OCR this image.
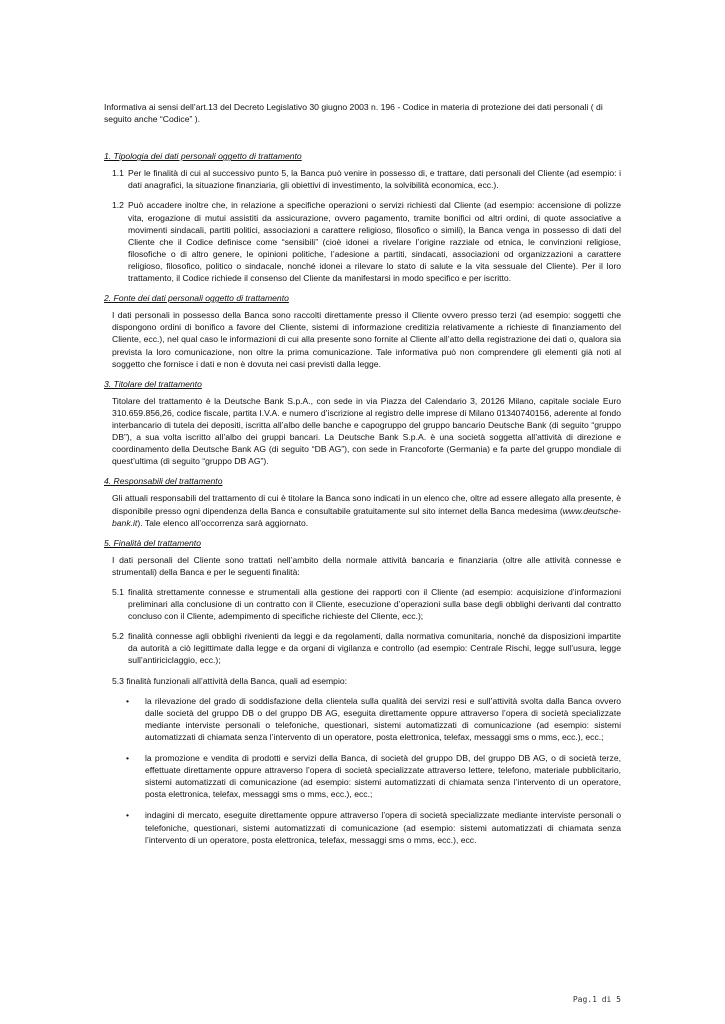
Informativa ai sensi dell’art.13 del Decreto Legislativo 30 giugno 2003 n. 196 - Codice in materia di protezione dei dati personali ( di seguito anche “Codice” ).

1. Tipologia dei dati personali oggetto di trattamento

1.1 Per le finalità di cui al successivo punto 5, la Banca può venire in possesso di, e trattare, dati personali del Cliente (ad esempio: i dati anagrafici, la situazione finanziaria, gli obiettivi di investimento, la solvibilità economica, ecc.).
1.2 Può accadere inoltre che, in relazione a specifiche operazioni o servizi richiesti dal Cliente (ad esempio: accensione di polizze vita, erogazione di mutui assistiti da assicurazione, ovvero pagamento, tramite bonifici od altri ordini, di quote associative a movimenti sindacali, partiti politici, associazioni a carattere religioso, filosofico o simili), la Banca venga in possesso di dati del Cliente che il Codice definisce come “sensibili” (cioè idonei a rivelare l’origine razziale od etnica, le convinzioni religiose, filosofiche o di altro genere, le opinioni politiche, l’adesione a partiti, sindacati, associazioni od organizzazioni a carattere religioso, filosofico, politico o sindacale, nonché idonei a rilevare lo stato di salute e la vita sessuale del Cliente). Per il loro trattamento, il Codice richiede il consenso del Cliente da manifestarsi in modo specifico e per iscritto.

2. Fonte dei dati personali oggetto di trattamento

I dati personali in possesso della Banca sono raccolti direttamente presso il Cliente ovvero presso terzi (ad esempio: soggetti che dispongono ordini di bonifico a favore del Cliente, sistemi di informazione creditizia relativamente a richieste di finanziamento del Cliente, ecc.), nel qual caso le informazioni di cui alla presente sono fornite al Cliente all’atto della registrazione dei dati o, qualora sia prevista la loro comunicazione, non oltre la prima comunicazione. Tale informativa può non comprendere gli elementi già noti al soggetto che fornisce i dati e non è dovuta nei casi previsti dalla legge.

3. Titolare del trattamento

Titolare del trattamento è la Deutsche Bank S.p.A., con sede in via Piazza del Calendario 3, 20126 Milano, capitale sociale Euro 310.659.856,26, codice fiscale, partita I.V.A. e numero d’iscrizione al registro delle imprese di Milano 01340740156, aderente al fondo interbancario di tutela dei depositi, iscritta all’albo delle banche e capogruppo del gruppo bancario Deutsche Bank (di seguito “gruppo DB”), a sua volta iscritto all’albo dei gruppi bancari. La Deutsche Bank S.p.A. è una società soggetta all’attività di direzione e coordinamento della Deutsche Bank AG (di seguito “DB AG”), con sede in Francoforte (Germania) e fa parte del gruppo mondiale di quest’ultima (di seguito “gruppo DB AG”).

4. Responsabili del trattamento

Gli attuali responsabili del trattamento di cui è titolare la Banca sono indicati in un elenco che, oltre ad essere allegato alla presente, è disponibile presso ogni dipendenza della Banca e consultabile gratuitamente sul sito internet della Banca medesima (www.deutsche-bank.it). Tale elenco all’occorrenza sarà aggiornato.

5. Finalità del trattamento

I dati personali del Cliente sono trattati nell’ambito della normale attività bancaria e finanziaria (oltre alle attività connesse e strumentali) della Banca e per le seguenti finalità:

5.1 finalità strettamente connesse e strumentali alla gestione dei rapporti con il Cliente (ad esempio: acquisizione d’informazioni preliminari alla conclusione di un contratto con il Cliente, esecuzione d’operazioni sulla base degli obblighi derivanti dal contratto concluso con il Cliente, adempimento di specifiche richieste del Cliente, ecc.);
5.2 finalità connesse agli obblighi rivenienti da leggi e da regolamenti, dalla normativa comunitaria, nonché da disposizioni impartite da autorità a ciò legittimate dalla legge e da organi di vigilanza e controllo (ad esempio: Centrale Rischi, legge sull’usura, legge sull’antiriciclaggio, ecc.);

5.3 finalità funzionali all’attività della Banca, quali ad esempio:

• la rilevazione del grado di soddisfazione della clientela sulla qualità dei servizi resi e sull’attività svolta dalla Banca ovvero dalle società del gruppo DB o del gruppo DB AG, eseguita direttamente oppure attraverso l’opera di società specializzate mediante interviste personali o telefoniche, questionari, sistemi automatizzati di comunicazione (ad esempio: sistemi automatizzati di chiamata senza l’intervento di un operatore, posta elettronica, telefax, messaggi sms o mms, ecc.), ecc.;
• la promozione e vendita di prodotti e servizi della Banca, di società del gruppo DB, del gruppo DB AG, o di società terze, effettuate direttamente oppure attraverso l’opera di società specializzate attraverso lettere, telefono, materiale pubblicitario, sistemi automatizzati di comunicazione (ad esempio: sistemi automatizzati di chiamata senza l’intervento di un operatore, posta elettronica, telefax, messaggi sms o mms, ecc.), ecc.;
• indagini di mercato, eseguite direttamente oppure attraverso l’opera di società specializzate mediante interviste personali o telefoniche, questionari, sistemi automatizzati di comunicazione (ad esempio: sistemi automatizzati di chiamata senza l’intervento di un operatore, posta elettronica, telefax, messaggi sms o mms, ecc.), ecc.
Pag.1 di 5
